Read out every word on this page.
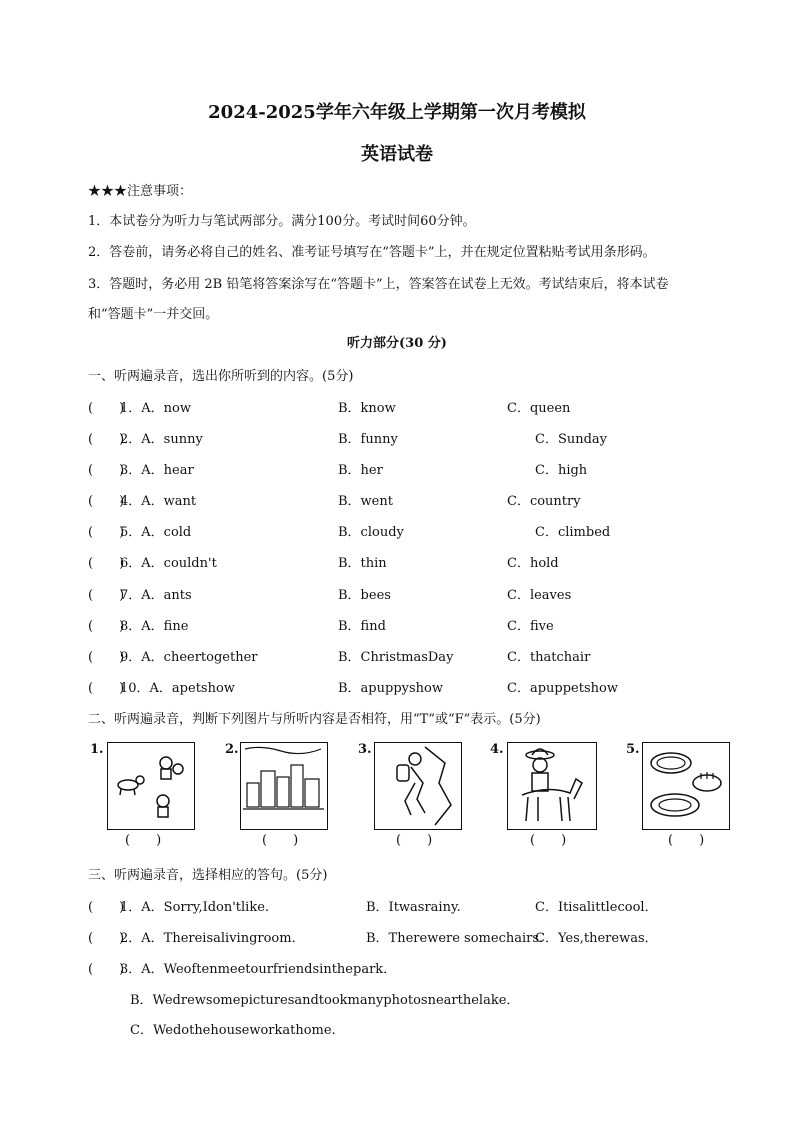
2024-2025学年六年级上学期第一次月考模拟
英语试卷
★★★注意事项：
1．本试卷分为听力与笔试两部分。满分100分。考试时间60分钟。
2．答卷前，请务必将自己的姓名、准考证号填写在“答题卡”上，并在规定位置粘贴考试用条形码。
3．答题时，务必用 2B 铅笔将答案涂写在“答题卡”上，答案答在试卷上无效。考试结束后，将本试卷
和“答题卡”一并交回。
听力部分(30 分)
一、听两遍录音，选出你所听到的内容。(5分)
(　　)
1．A．now	B．know	C．queen
(　　)
2．A．sunny	B．funny	C．Sunday
(　　)
3．A．hear	B．her	C．high
(　　)
4．A．want	B．went	C．country
(　　)
5．A．cold	B．cloudy	C．climbed
(　　)
6．A．couldn't	B．thin	C．hold
(　　)
7．A．ants	B．bees	C．leaves
(　　)
8．A．fine	B．find	C．five
(　　)
9．A．cheertogether	B．ChristmasDay	C．thatchair
(　　)
10．A．apetshow	B．apuppyshow	C．apuppetshow
二、听两遍录音，判断下列图片与所听内容是否相符，用“T”或“F”表示。(5分)
1.
(　　)
2.
(　　)
3.
(　　)
4.
(　　)
5.
(　　)
三、听两遍录音，选择相应的答句。(5分)
(　　)
1．A．Sorry,Idon'tlike.	B．Itwasrainy.	C．Itisalittlecool．
(　　)
2．A．Thereisalivingroom．	B．Therewere somechairs.
C．Yes,therewas．
(　　)
3．A．Weoftenmeetourfriendsinthepark．
B．Wedrewsomepicturesandtookmanyphotosnearthelake．
C．Wedothehouseworkathome.
